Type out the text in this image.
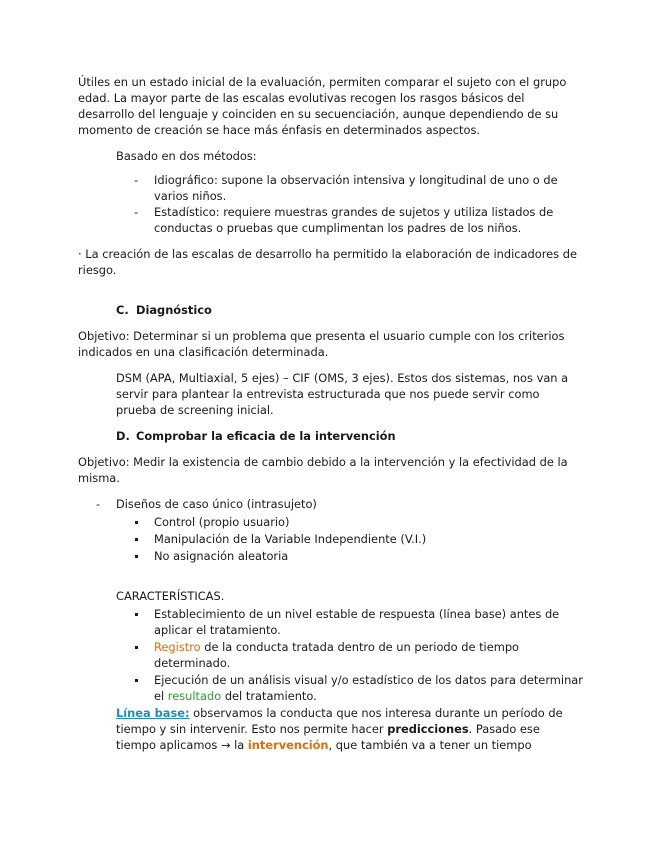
Útiles en un estado inicial de la evaluación, permiten comparar el sujeto con el grupo edad. La mayor parte de las escalas evolutivas recogen los rasgos básicos del desarrollo del lenguaje y coinciden en su secuenciación, aunque dependiendo de su momento de creación se hace más énfasis en determinados aspectos.

Basado en dos métodos:

- Idiográfico: supone la observación intensiva y longitudinal de uno o de varios niños.
- Estadístico: requiere muestras grandes de sujetos y utiliza listados de conductas o pruebas que cumplimentan los padres de los niños.

· La creación de las escalas de desarrollo ha permitido la elaboración de indicadores de riesgo.

C. Diagnóstico

Objetivo: Determinar si un problema que presenta el usuario cumple con los criterios indicados en una clasificación determinada.

DSM (APA, Multiaxial, 5 ejes) – CIF (OMS, 3 ejes). Estos dos sistemas, nos van a servir para plantear la entrevista estructurada que nos puede servir como prueba de screening inicial.

D. Comprobar la eficacia de la intervención

Objetivo: Medir la existencia de cambio debido a la intervención y la efectividad de la misma.

- Diseños de caso único (intrasujeto)
Control (propio usuario)
Manipulación de la Variable Independiente (V.I.)
No asignación aleatoria

CARACTERÍSTICAS.

Establecimiento de un nivel estable de respuesta (línea base) antes de aplicar el tratamiento.
Registro de la conducta tratada dentro de un periodo de tiempo determinado.
Ejecución de un análisis visual y/o estadístico de los datos para determinar el resultado del tratamiento.

Línea base: observamos la conducta que nos interesa durante un período de tiempo y sin intervenir. Esto nos permite hacer predicciones. Pasado ese tiempo aplicamos → la intervención, que también va a tener un tiempo
